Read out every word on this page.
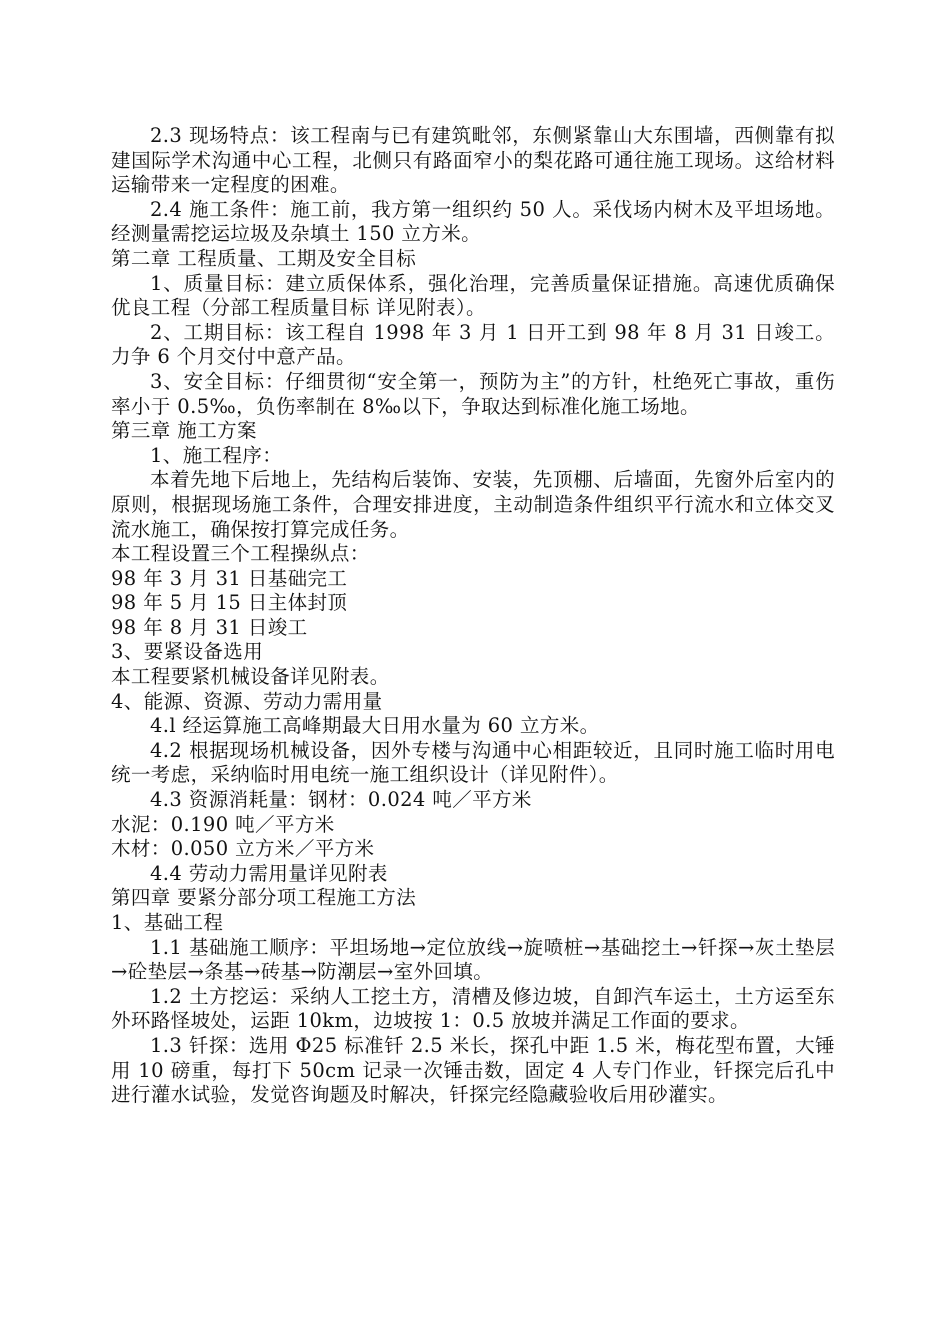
2.3 现场特点：该工程南与已有建筑毗邻，东侧紧靠山大东围墙，西侧靠有拟建国际学术沟通中心工程，北侧只有路面窄小的梨花路可通往施工现场。这给材料运输带来一定程度的困难。

2.4 施工条件：施工前，我方第一组织约 50 人。采伐场内树木及平坦场地。经测量需挖运垃圾及杂填土 150 立方米。

第二章 工程质量、工期及安全目标

1、质量目标：建立质保体系，强化治理，完善质量保证措施。高速优质确保优良工程（分部工程质量目标 详见附表）。

2、工期目标：该工程自 1998 年 3 月 1 日开工到 98 年 8 月 31 日竣工。力争 6 个月交付中意产品。

3、安全目标：仔细贯彻“安全第一，预防为主”的方针，杜绝死亡事故，重伤率小于 0.5‰，负伤率制在 8‰以下，争取达到标准化施工场地。

第三章 施工方案

1、施工程序：

本着先地下后地上，先结构后装饰、安装，先顶棚、后墙面，先窗外后室内的原则，根据现场施工条件，合理安排进度，主动制造条件组织平行流水和立体交叉流水施工，确保按打算完成任务。

本工程设置三个工程操纵点：

98 年 3 月 31 日基础完工

98 年 5 月 15 日主体封顶

98 年 8 月 31 日竣工

3、要紧设备选用

本工程要紧机械设备详见附表。

4、能源、资源、劳动力需用量

4.l 经运算施工高峰期最大日用水量为 60 立方米。

4.2 根据现场机械设备，因外专楼与沟通中心相距较近，且同时施工临时用电统一考虑，采纳临时用电统一施工组织设计（详见附件）。

4.3 资源消耗量：钢材：0.024 吨／平方米

水泥：0.190 吨／平方米

木材：0.050 立方米／平方米

4.4 劳动力需用量详见附表

第四章 要紧分部分项工程施工方法

1、基础工程

1.1 基础施工顺序：平坦场地→定位放线→旋喷桩→基础挖土→钎探→灰土垫层→砼垫层→条基→砖基→防潮层→室外回填。

1.2 土方挖运：采纳人工挖土方，清槽及修边坡，自卸汽车运土，土方运至东外环路怪坡处，运距 10km，边坡按 1：0.5 放坡并满足工作面的要求。

1.3 钎探：选用 Φ25 标准钎 2.5 米长，探孔中距 1.5 米，梅花型布置，大锤用 10 磅重，每打下 50cm 记录一次锤击数，固定 4 人专门作业，钎探完后孔中进行灌水试验，发觉咨询题及时解决，钎探完经隐藏验收后用砂灌实。
